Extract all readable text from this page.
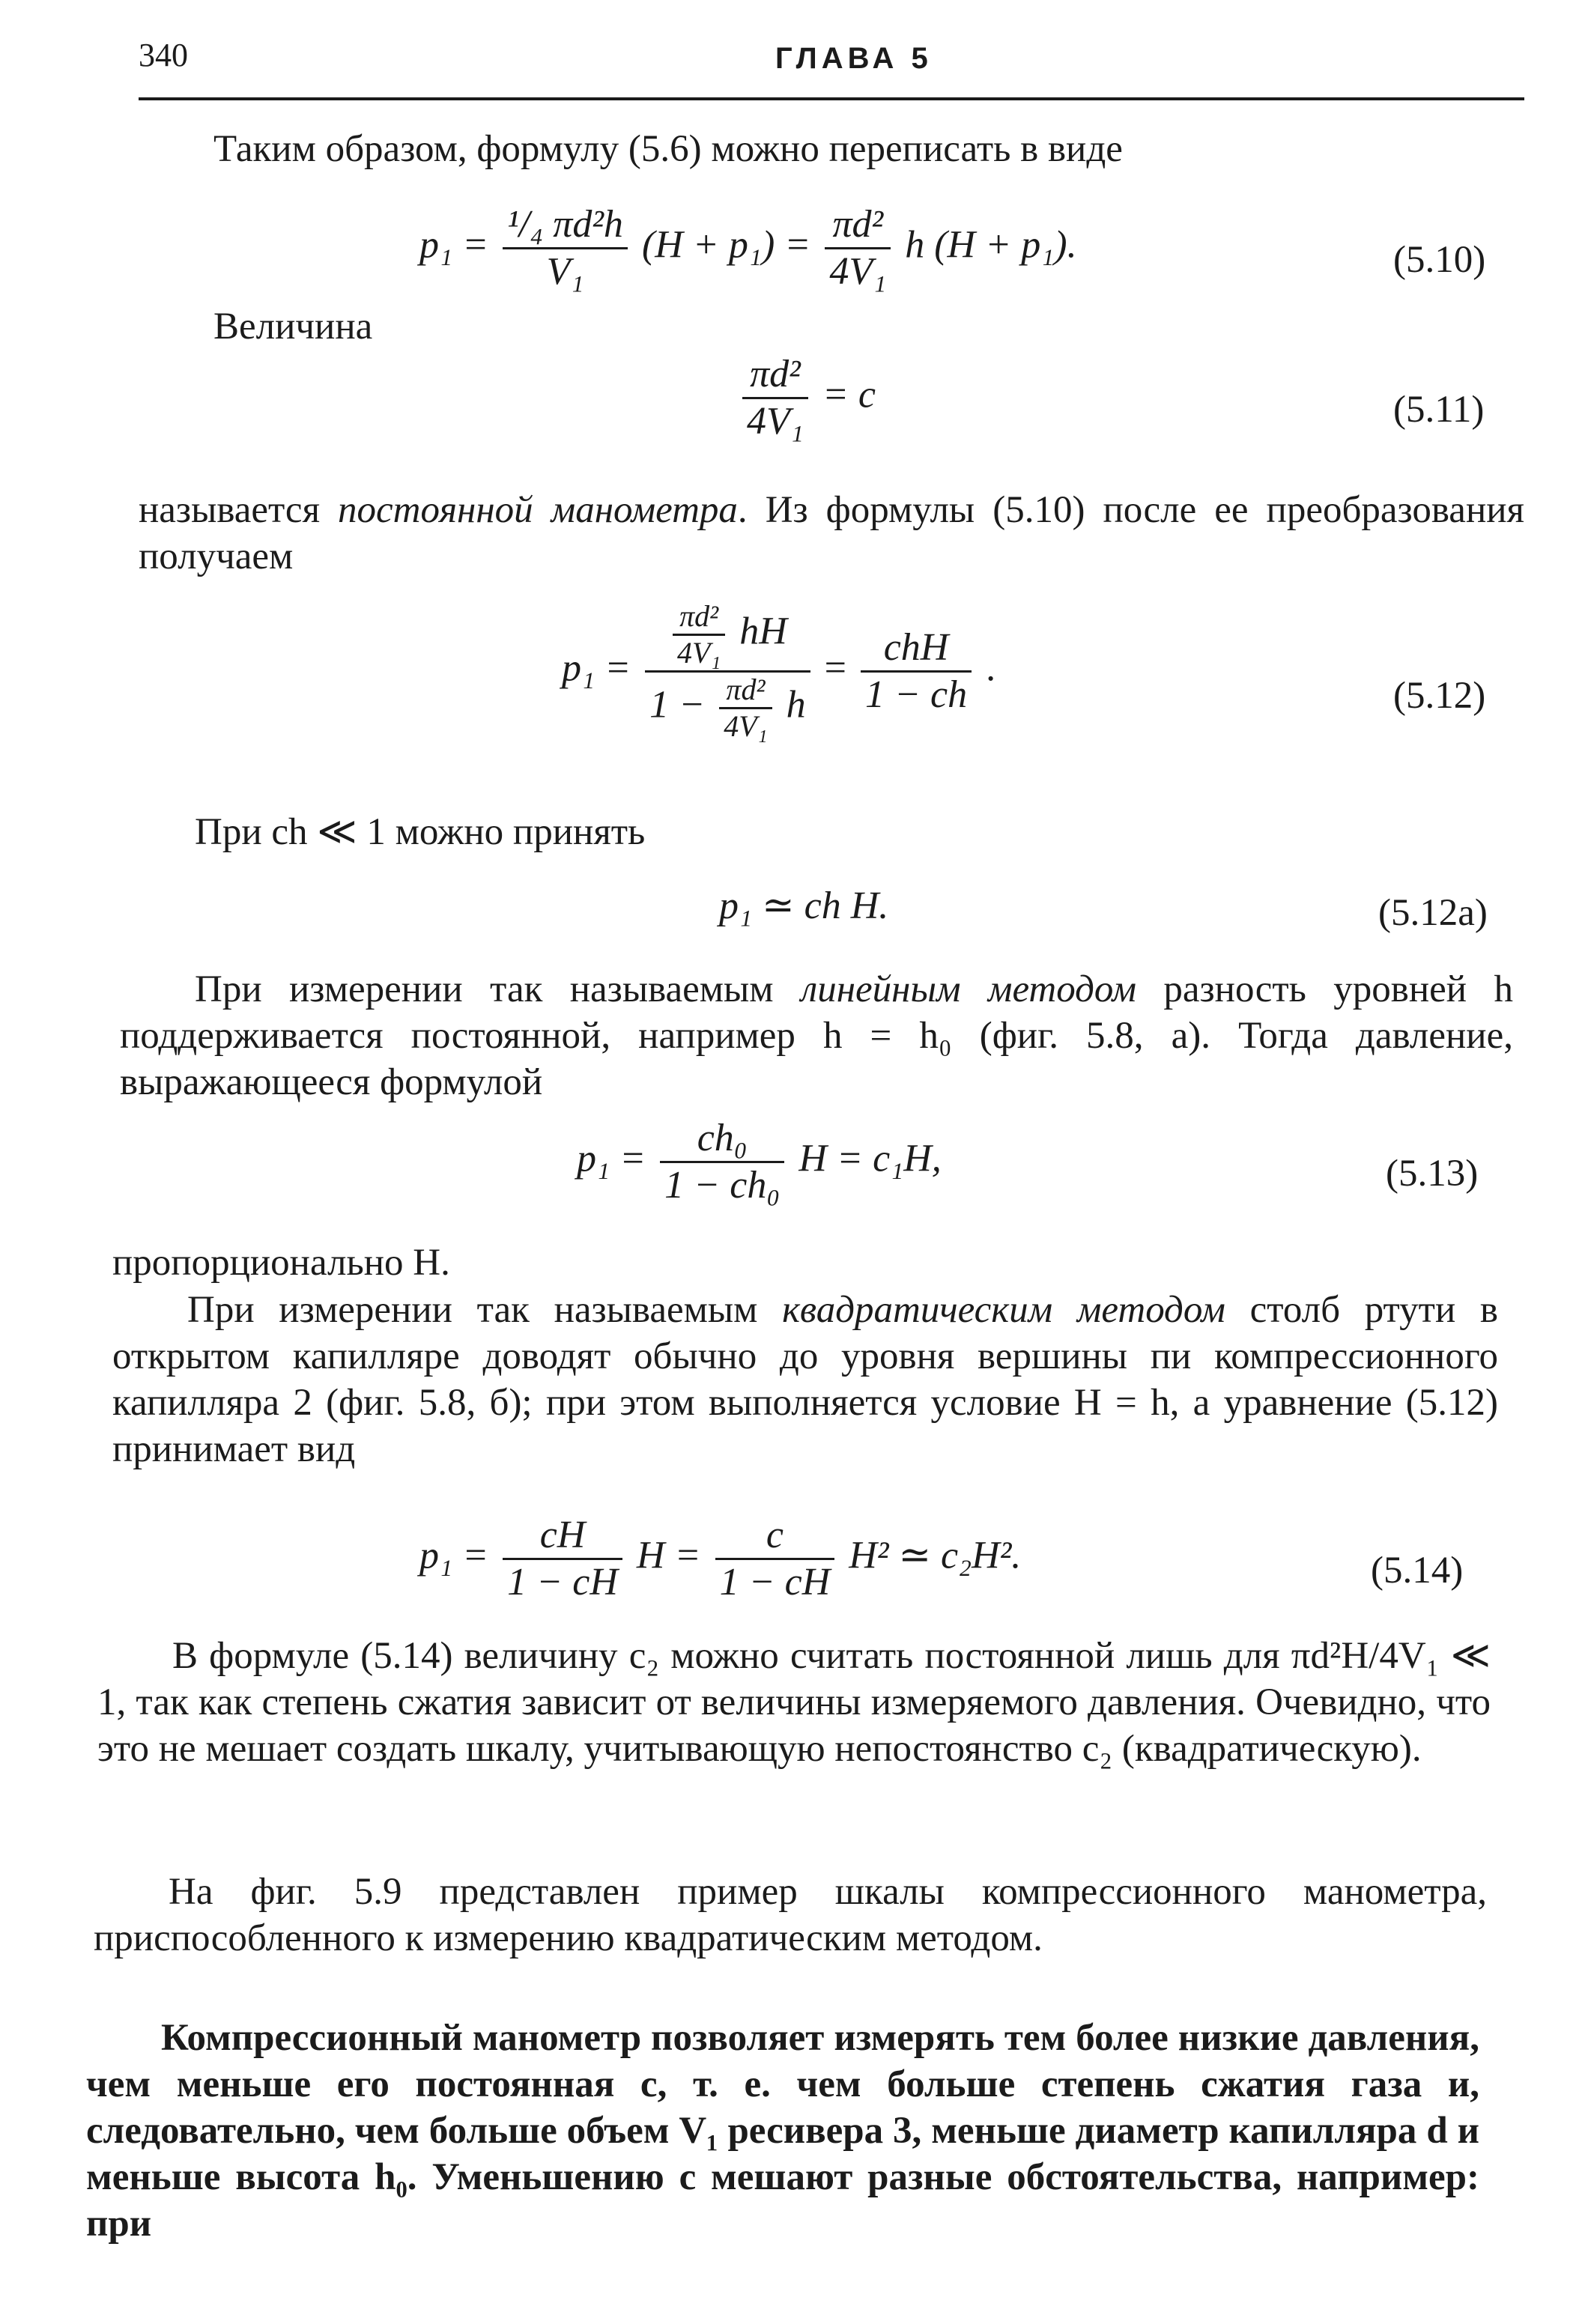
340	ГЛАВА 5

Таким образом, формулу (5.6) можно переписать в виде

$p_1 = \frac{\text{¹/₄ πd²h}}{\text{V₁}} (H + p_1) = \frac{\text{πd²}}{\text{4V₁}}$ h (H + p₁).	(5.10)

Величина

$\frac{\text{πd²}}{\text{4V₁}} = c$	(5.11)

называется постоянной манометра. Из формулы (5.10) после ее преобразования получаем

$p_1 = \frac{\frac{\text{πd²}}{\text{4V₁}} hH}{1 - \frac{\text{πd²}}{\text{4V₁}} h} = \frac{\text{chH}}{1 - ch}$ .
(5.12)

При ch ≪ 1 можно принять

p₁ ≃ ch H.	(5.12a)

При измерении так называемым линейным методом разность уровней h поддерживается постоянной, например h = h₀ (фиг. 5.8, а). Тогда давление, выражающееся формулой

$p_1 = \frac{\text{ch₀}}{\text{1 − ch₀}}$ H = c₁H,	(5.13)

пропорционально H.

При измерении так называемым квадратическим методом столб ртути в открытом капилляре доводят обычно до уровня вершины пи компрессионного капилляра 2 (фиг. 5.8, б); при этом выполняется условие H = h, а уравнение (5.12) принимает вид

$p_1 = \frac{cH}{1 - cH}$ $H = \frac{c}{1 - cH} H^2$ ≃ c₂H².	(5.14)

В формуле (5.14) величину c₂ можно считать постоянной лишь для πd²H/4V₁ ≪ 1, так как степень сжатия зависит от величины измеряемого давления. Очевидно, что это не мешает создать шкалу, учитывающую непостоянство c₂ (квадратическую).

На фиг. 5.9 представлен пример шкалы компрессионного манометра, приспособленного к измерению квадратическим методом.

Компрессионный манометр позволяет измерять тем более низкие давления, чем меньше его постоянная c, т. е. чем больше степень сжатия газа и, следовательно, чем больше объем V₁ ресивера 3, меньше диаметр капилляра d и меньше высота h₀. Уменьшению c мешают разные обстоятельства, например: при
